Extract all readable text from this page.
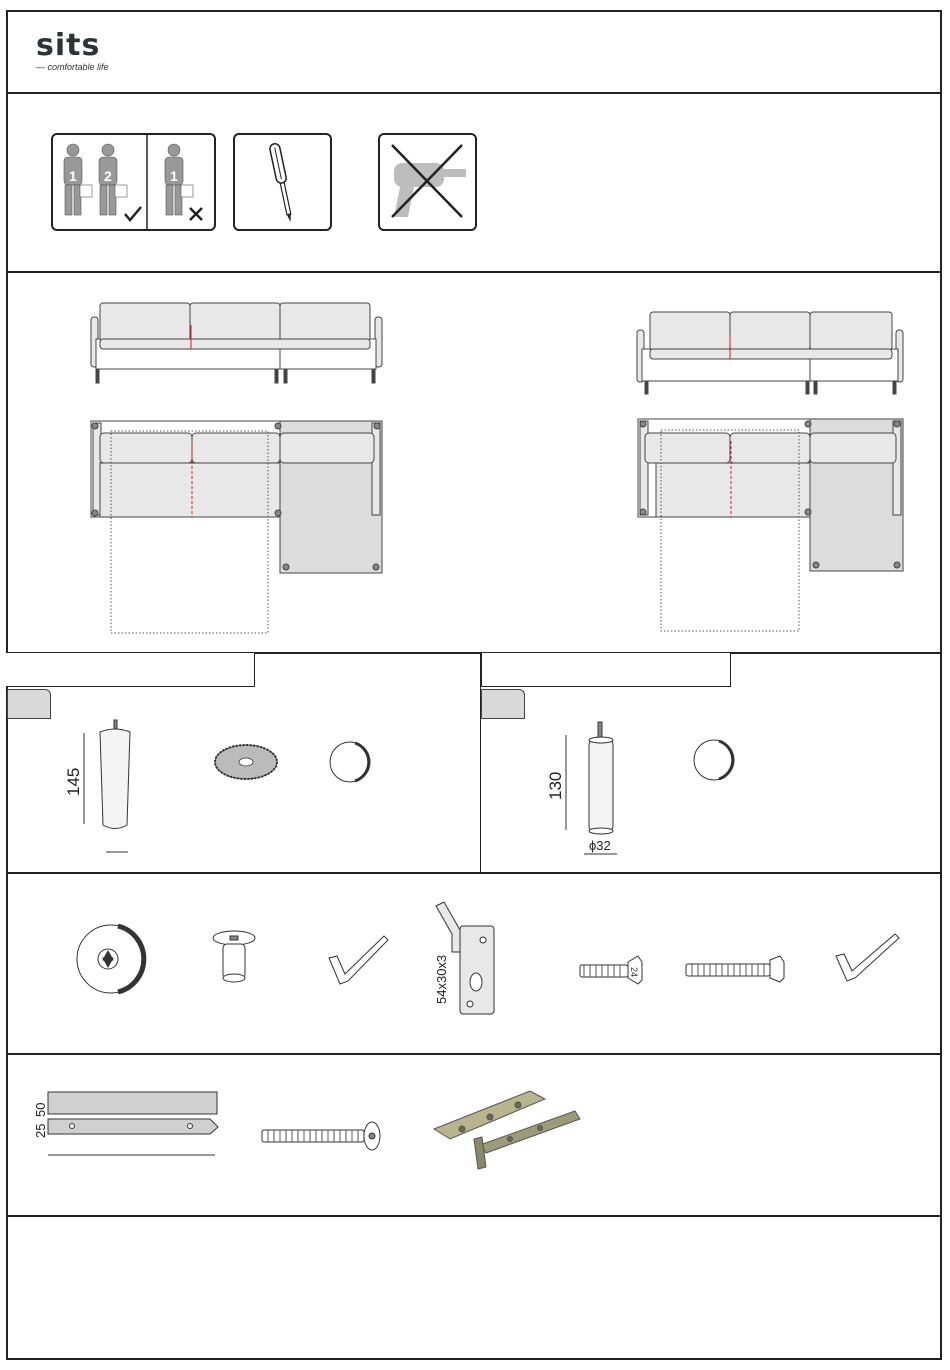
sits
— comfortable life
1 2	1
145	130
ϕ32
24
54x30x3
50
25
